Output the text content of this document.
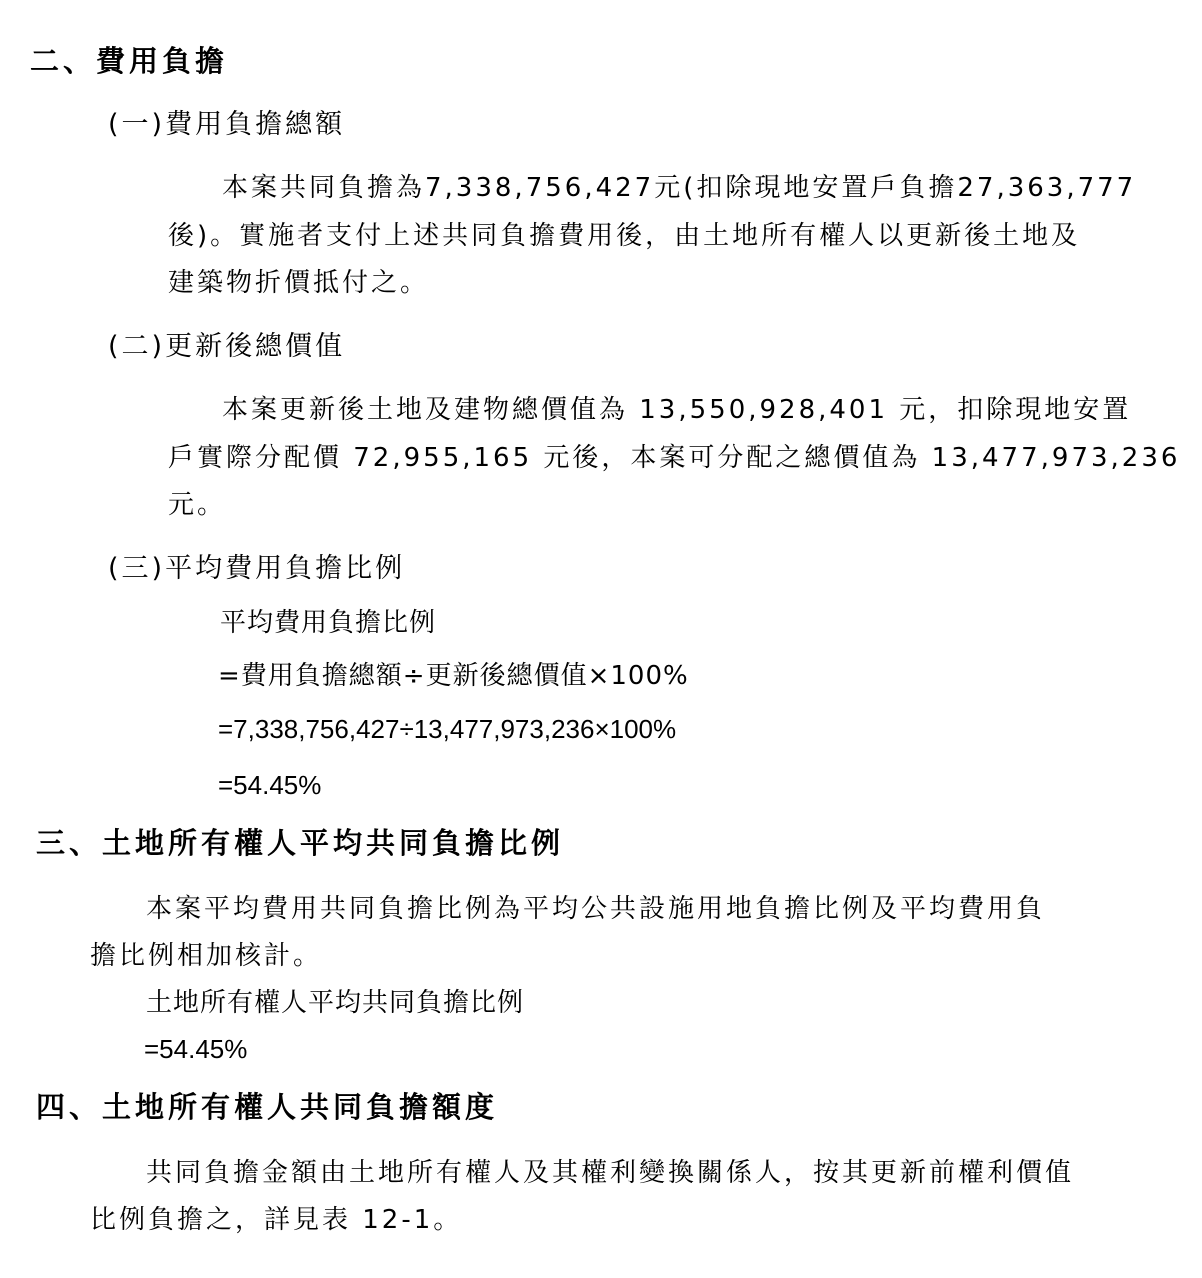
二、費用負擔
(一)費用負擔總額
本案共同負擔為7,338,756,427元(扣除現地安置戶負擔27,363,777
後)。實施者支付上述共同負擔費用後，由土地所有權人以更新後土地及
建築物折價抵付之。
(二)更新後總價值
本案更新後土地及建物總價值為 13,550,928,401 元，扣除現地安置
戶實際分配價 72,955,165 元後，本案可分配之總價值為 13,477,973,236
元。
(三)平均費用負擔比例
平均費用負擔比例
=費用負擔總額÷更新後總價值×100%
=7,338,756,427÷13,477,973,236×100%
=54.45%
三、土地所有權人平均共同負擔比例
本案平均費用共同負擔比例為平均公共設施用地負擔比例及平均費用負
擔比例相加核計。
土地所有權人平均共同負擔比例
=54.45%
四、土地所有權人共同負擔額度
共同負擔金額由土地所有權人及其權利變換關係人，按其更新前權利價值
比例負擔之，詳見表 12-1。
